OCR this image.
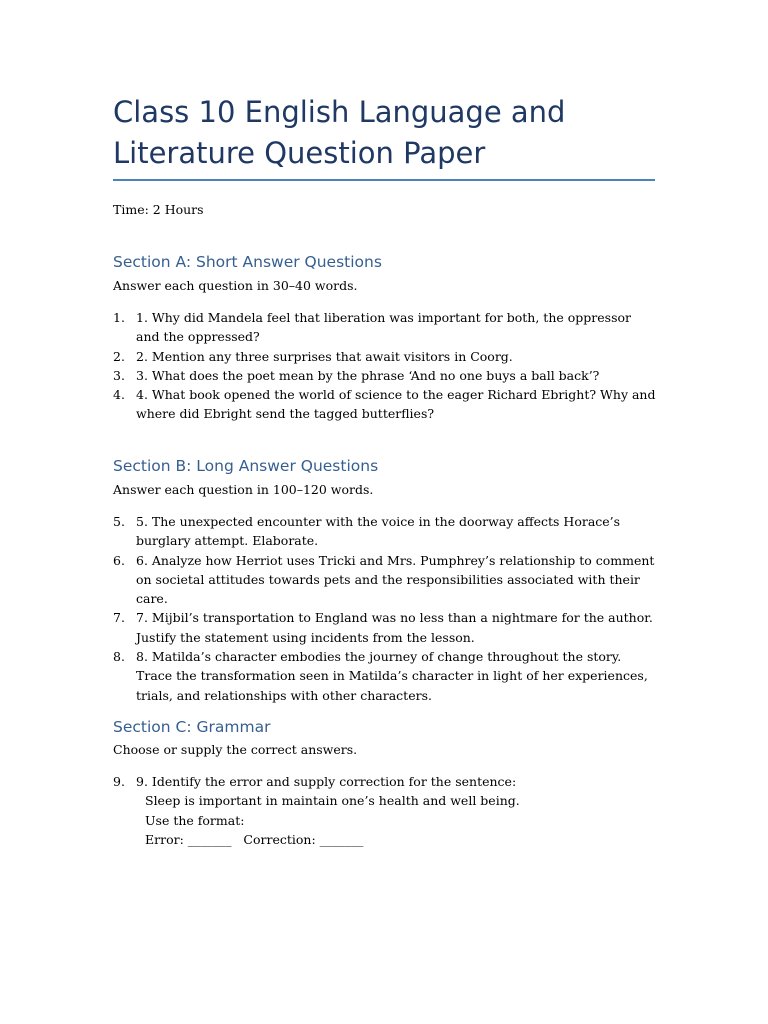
Class 10 English Language and Literature Question Paper

Time: 2 Hours

Section A: Short Answer Questions

Answer each question in 30–40 words.

1. 1. Why did Mandela feel that liberation was important for both, the oppressor and the oppressed?
2. 2. Mention any three surprises that await visitors in Coorg.
3. 3. What does the poet mean by the phrase ‘And no one buys a ball back’?
4. 4. What book opened the world of science to the eager Richard Ebright? Why and where did Ebright send the tagged butterflies?
Section B: Long Answer Questions

Answer each question in 100–120 words.

5. 5. The unexpected encounter with the voice in the doorway affects Horace’s burglary attempt. Elaborate.
6. 6. Analyze how Herriot uses Tricki and Mrs. Pumphrey’s relationship to comment on societal attitudes towards pets and the responsibilities associated with their care.
7. 7. Mijbil’s transportation to England was no less than a nightmare for the author. Justify the statement using incidents from the lesson.
8. 8. Matilda’s character embodies the journey of change throughout the story. Trace the transformation seen in Matilda’s character in light of her experiences, trials, and relationships with other characters.
Section C: Grammar

Choose or supply the correct answers.

9. 9. Identify the error and supply correction for the sentence:
Sleep is important in maintain one’s health and well being.
Use the format:
Error: _______   Correction: _______
